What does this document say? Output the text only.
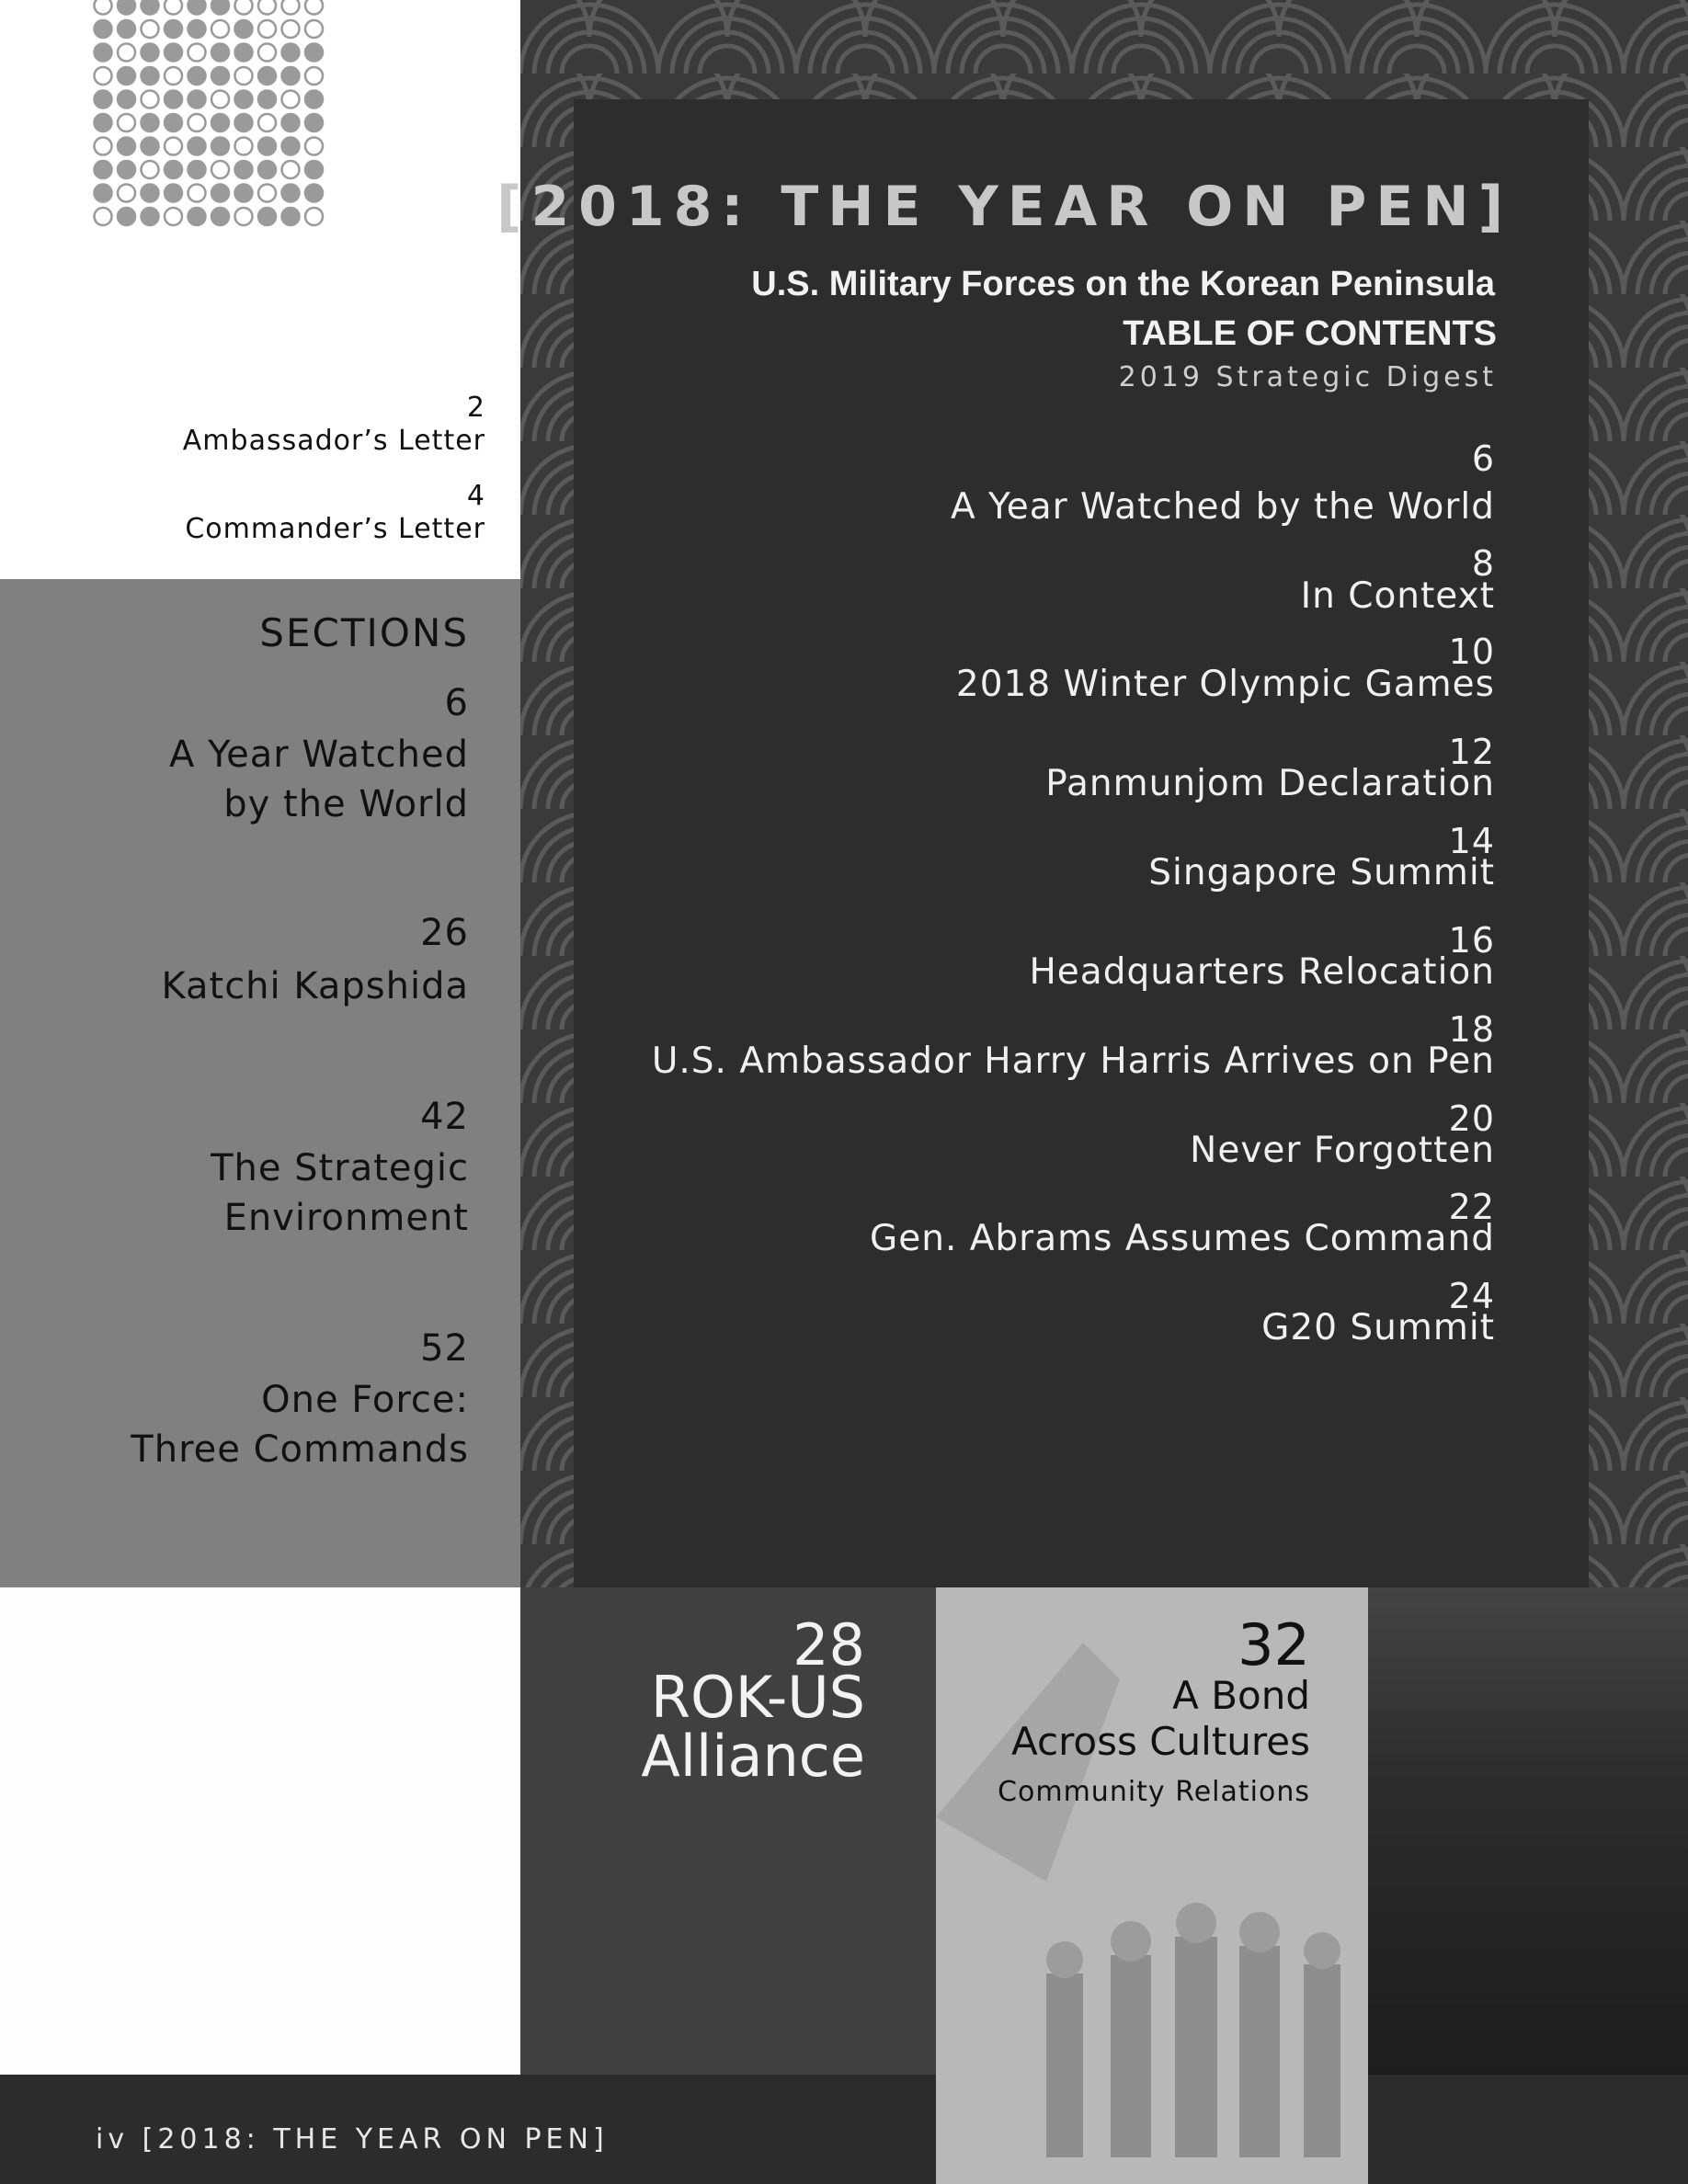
2
Ambassador’s Letter
4
Commander’s Letter
SECTIONS
6
A Year Watched
by the World
26
Katchi Kapshida
42
The Strategic
Environment
52
One Force:
Three Commands
[2018: THE YEAR ON PEN]
U.S. Military Forces on the Korean Peninsula
TABLE OF CONTENTS
2019 Strategic Digest
6
A Year Watched by the World
8
In Context
10
2018 Winter Olympic Games
12
Panmunjom Declaration
14
Singapore Summit
16
Headquarters Relocation
18
U.S. Ambassador Harry Harris Arrives on Pen
20
Never Forgotten
22
Gen. Abrams Assumes Command
24
G20 Summit
28
ROK-US
Alliance
32
A Bond
Across Cultures
Community Relations
iv [2018: THE YEAR ON PEN]
